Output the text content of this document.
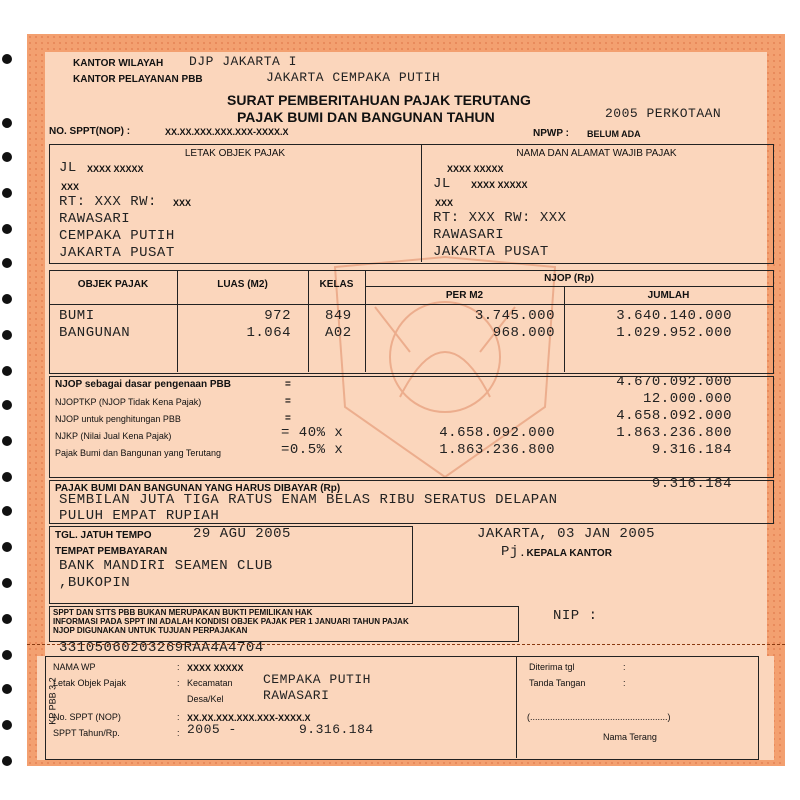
KANTOR WILAYAH DJP JAKARTA I
KANTOR PELAYANAN PBB	JAKARTA CEMPAKA PUTIH
SURAT PEMBERITAHUAN PAJAK TERUTANG
PAJAK BUMI DAN BANGUNAN TAHUN	2005 PERKOTAAN
NO. SPPT(NOP) :	XX.XX.XXX.XXX.XXX-XXXX.X	NPWP : BELUM ADA
LETAK OBJEK PAJAK
JL XXXX XXXXX
XXX
RT: XXX RW: XXX
RAWASARI
CEMPAKA PUTIH
JAKARTA PUSAT
NAMA DAN ALAMAT WAJIB PAJAK
XXXX XXXXX
JL XXXX XXXXX
XXX
RT: XXX RW: XXX
RAWASARI
JAKARTA PUSAT
OBJEK PAJAK	LUAS (M2)	KELAS
NJOP (Rp)
PER M2	JUMLAH
BUMI	972 849	3.745.000	3.640.140.000
BANGUNAN	1.064 A02	968.000	1.029.952.000
NJOP sebagai dasar pengenaan PBB	=	4.670.092.000
NJOPTKP (NJOP Tidak Kena Pajak)	=	12.000.000
NJOP untuk penghitungan PBB	=	4.658.092.000
NJKP (Nilai Jual Kena Pajak)	= 40% x	4.658.092.000	1.863.236.800
Pajak Bumi dan Bangunan yang Terutang	=0.5% x	1.863.236.800	9.316.184
PAJAK BUMI DAN BANGUNAN YANG HARUS DIBAYAR (Rp)	9.316.184
SEMBILAN JUTA TIGA RATUS ENAM BELAS RIBU SERATUS DELAPAN
PULUH EMPAT RUPIAH
TGL. JATUH TEMPO	29 AGU 2005
TEMPAT PEMBAYARAN
BANK MANDIRI SEAMEN CLUB
,BUKOPIN
JAKARTA, 03 JAN 2005
Pj . KEPALA KANTOR
NIP :
SPPT DAN STTS PBB BUKAN MERUPAKAN BUKTI PEMILIKAN HAK
INFORMASI PADA SPPT INI ADALAH KONDISI OBJEK PAJAK PER 1 JANUARI TAHUN PAJAK
NJOP DIGUNAKAN UNTUK TUJUAN PERPAJAKAN
33105060203269RAA4A4704
KP PBB 3.2
NAMA WP	: XXXX XXXXX
Letak Objek Pajak	: Kecamatan CEMPAKA PUTIH
Desa/Kel	RAWASARI
No. SPPT (NOP)	: XX.XX.XXX.XXX.XXX-XXXX.X
SPPT Tahun/Rp.	: 2005 -	9.316.184
Diterima tgl	:
Tanda Tangan	:
(.......................................................)
Nama Terang
